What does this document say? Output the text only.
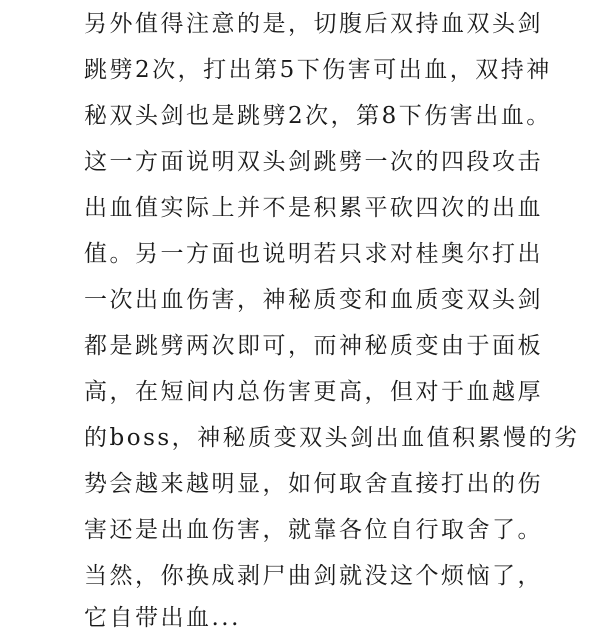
另外值得注意的是，切腹后双持血双头剑
跳劈2次，打出第5下伤害可出血，双持神
秘双头剑也是跳劈2次，第8下伤害出血。
这一方面说明双头剑跳劈一次的四段攻击
出血值实际上并不是积累平砍四次的出血
值。另一方面也说明若只求对桂奥尔打出
一次出血伤害，神秘质变和血质变双头剑
都是跳劈两次即可，而神秘质变由于面板
高，在短间内总伤害更高，但对于血越厚
的boss，神秘质变双头剑出血值积累慢的劣
势会越来越明显，如何取舍直接打出的伤
害还是出血伤害，就靠各位自行取舍了。
当然，你换成剥尸曲剑就没这个烦恼了，
它自带出血...
